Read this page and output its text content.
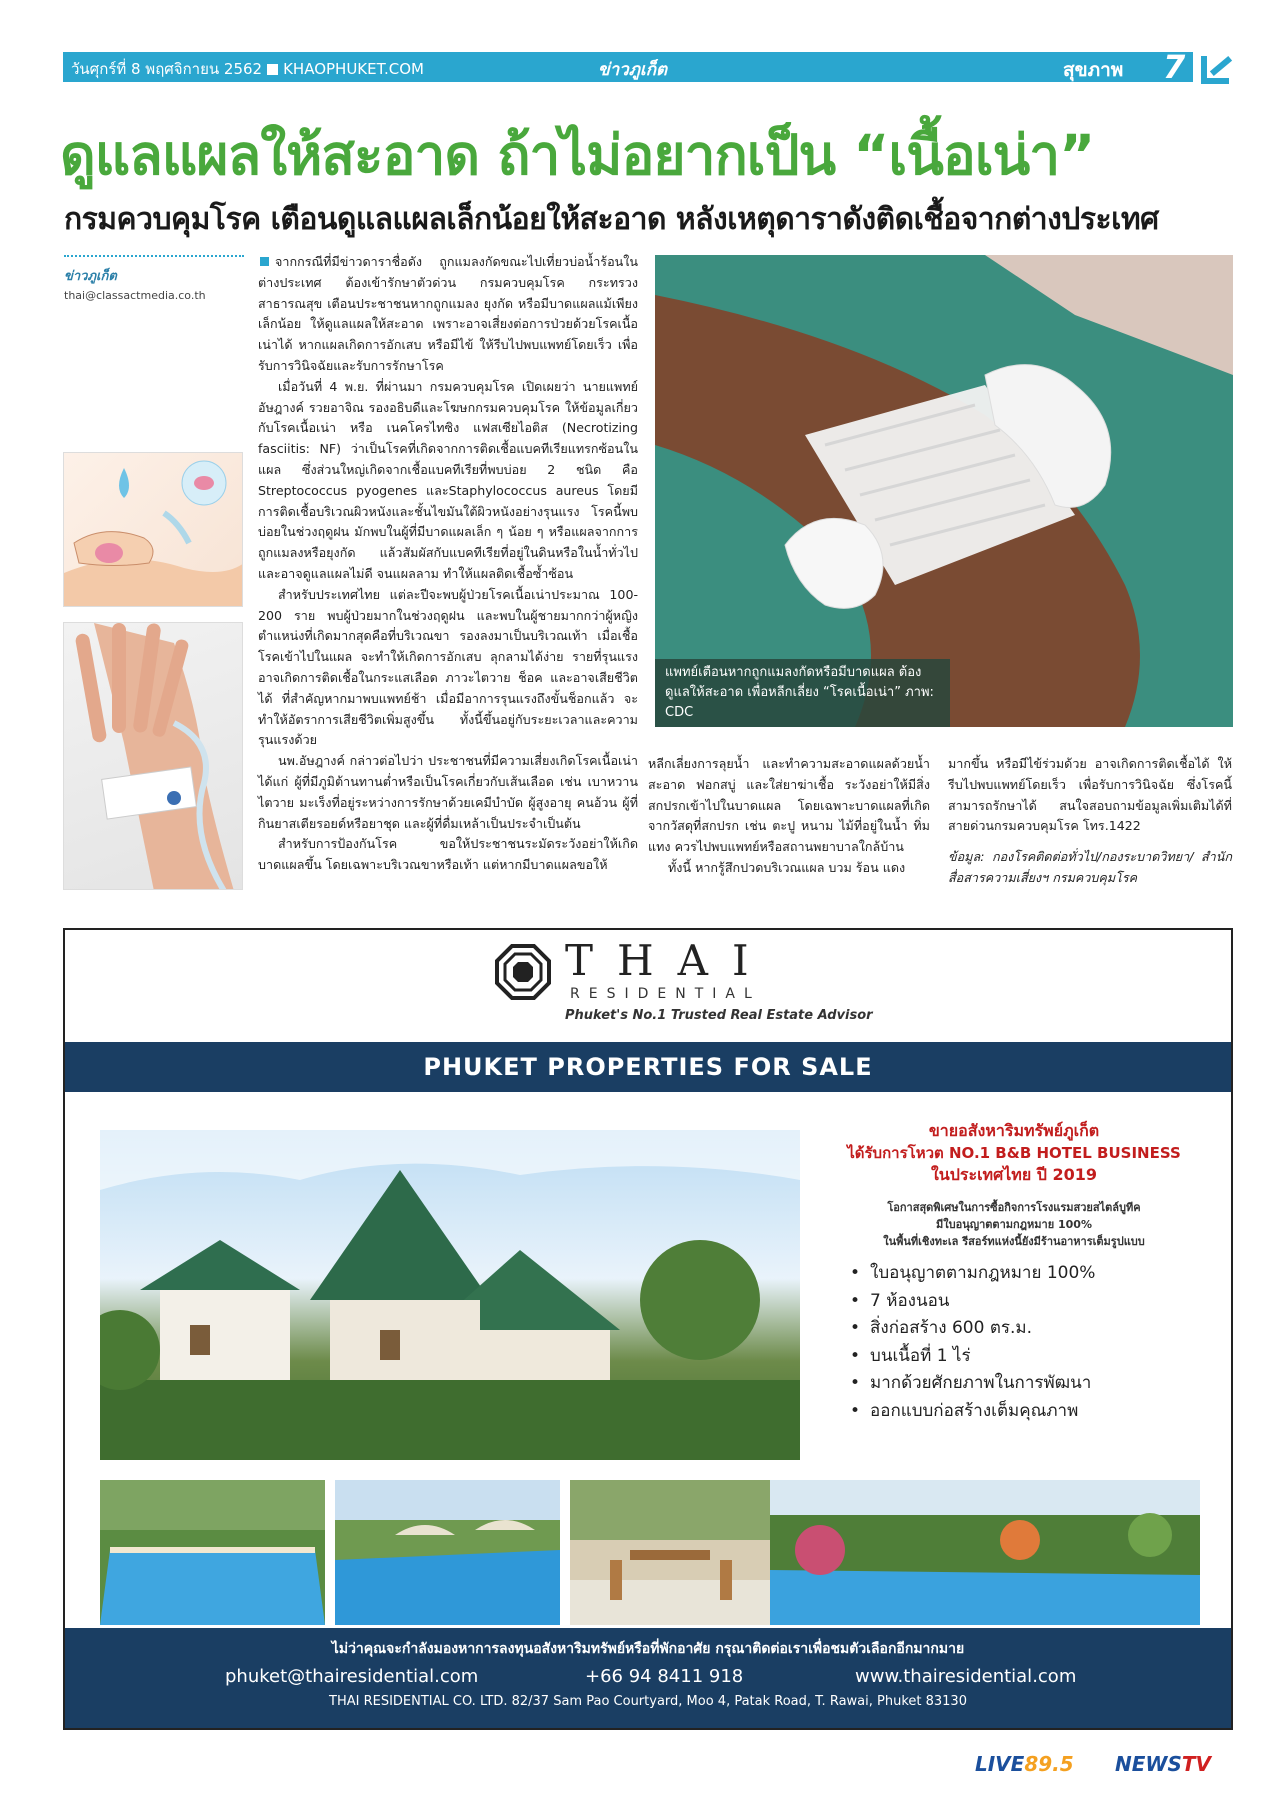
วันศุกร์ที่ 8 พฤศจิกายน 2562 KHAOPHUKET.COM	ข่าวภูเก็ต	สุขภาพ 7
ดูแลแผลให้สะอาด ถ้าไม่อยากเป็น “เนื้อเน่า”
กรมควบคุมโรค เตือนดูแลแผลเล็กน้อยให้สะอาด หลังเหตุดาราดังติดเชื้อจากต่างประเทศ
ข่าวภูเก็ต
thai@classactmedia.co.th

จากกรณีที่มีข่าวดาราชื่อดัง ถูกแมลงกัดขณะไปเที่ยวบ่อน้ำร้อนในต่างประเทศ ต้องเข้ารักษาตัวด่วน กรมควบคุมโรค กระทรวงสาธารณสุข เตือนประชาชนหากถูกแมลง ยุงกัด หรือมีบาดแผลแม้เพียงเล็กน้อย ให้ดูแลแผลให้สะอาด เพราะอาจเสี่ยงต่อการป่วยด้วยโรคเนื้อเน่าได้ หากแผลเกิดการอักเสบ หรือมีไข้ ให้รีบไปพบแพทย์โดยเร็ว เพื่อรับการวินิจฉัยและรับการรักษาโรค

เมื่อวันที่ 4 พ.ย. ที่ผ่านมา กรมควบคุมโรค เปิดเผยว่า นายแพทย์อัษฎางค์ รวยอาจิณ รองอธิบดีและโฆษกกรมควบคุมโรค ให้ข้อมูลเกี่ยวกับโรคเนื้อเน่า หรือ เนคโครไทซิง แฟสเซียไอติส (Necrotizing fasciitis: NF) ว่าเป็นโรคที่เกิดจากการติดเชื้อแบคทีเรียแทรกซ้อนในแผล ซึ่งส่วนใหญ่เกิดจากเชื้อแบคทีเรียที่พบบ่อย 2 ชนิด คือ Streptococcus pyogenes และStaphylococcus aureus โดยมีการติดเชื้อบริเวณผิวหนังและชั้นไขมันใต้ผิวหนังอย่างรุนแรง โรคนี้พบบ่อยในช่วงฤดูฝน มักพบในผู้ที่มีบาดแผลเล็ก ๆ น้อย ๆ หรือแผลจากการถูกแมลงหรือยุงกัด แล้วสัมผัสกับแบคทีเรียที่อยู่ในดินหรือในน้ำทั่วไป และอาจดูแลแผลไม่ดี จนแผลลาม ทำให้แผลติดเชื้อซ้ำซ้อน

สำหรับประเทศไทย แต่ละปีจะพบผู้ป่วยโรคเนื้อเน่าประมาณ 100-200 ราย พบผู้ป่วยมากในช่วงฤดูฝน และพบในผู้ชายมากกว่าผู้หญิง ตำแหน่งที่เกิดมากสุดคือที่บริเวณขา รองลงมาเป็นบริเวณเท้า เมื่อเชื้อโรคเข้าไปในแผล จะทำให้เกิดการอักเสบ ลุกลามได้ง่าย รายที่รุนแรงอาจเกิดการติดเชื้อในกระแสเลือด ภาวะไตวาย ช็อค และอาจเสียชีวิตได้ ที่สำคัญหากมาพบแพทย์ช้า เมื่อมีอาการรุนแรงถึงขั้นช็อกแล้ว จะทำให้อัตราการเสียชีวิตเพิ่มสูงขึ้น ทั้งนี้ขึ้นอยู่กับระยะเวลาและความรุนแรงด้วย

นพ.อัษฎางค์ กล่าวต่อไปว่า ประชาชนที่มีความเสี่ยงเกิดโรคเนื้อเน่า ได้แก่ ผู้ที่มีภูมิต้านทานต่ำหรือเป็นโรคเกี่ยวกับเส้นเลือด เช่น เบาหวาน ไตวาย มะเร็งที่อยู่ระหว่างการรักษาด้วยเคมีบำบัด ผู้สูงอายุ คนอ้วน ผู้ที่กินยาสเตียรอยด์หรือยาชุด และผู้ที่ดื่มเหล้าเป็นประจำเป็นต้น

สำหรับการป้องกันโรค ขอให้ประชาชนระมัดระวังอย่าให้เกิดบาดแผลขึ้น โดยเฉพาะบริเวณขาหรือเท้า แต่หากมีบาดแผลขอให้

แพทย์เตือนหากถูกแมลงกัดหรือมีบาดแผล ต้องดูแลให้สะอาด เพื่อหลีกเลี่ยง “โรคเนื้อเน่า” ภาพ: CDC

หลีกเลี่ยงการลุยน้ำ และทำความสะอาดแผลด้วยน้ำสะอาด ฟอกสบู่ และใส่ยาฆ่าเชื้อ ระวังอย่าให้มีสิ่งสกปรกเข้าไปในบาดแผล โดยเฉพาะบาดแผลที่เกิดจากวัสดุที่สกปรก เช่น ตะปู หนาม ไม้ที่อยู่ในน้ำ ทิ่มแทง ควรไปพบแพทย์หรือสถานพยาบาลใกล้บ้าน

ทั้งนี้ หากรู้สึกปวดบริเวณแผล บวม ร้อน แดง

มากขึ้น หรือมีไข้ร่วมด้วย อาจเกิดการติดเชื้อได้ ให้รีบไปพบแพทย์โดยเร็ว เพื่อรับการวินิจฉัย ซึ่งโรคนี้สามารถรักษาได้ สนใจสอบถามข้อมูลเพิ่มเติมได้ที่สายด่วนกรมควบคุมโรค โทร.1422

ข้อมูล: กองโรคติดต่อทั่วไป/กองระบาดวิทยา/ สำนักสื่อสารความเสี่ยงฯ กรมควบคุมโรค

THAI
RESIDENTIAL
Phuket's No.1 Trusted Real Estate Advisor
PHUKET PROPERTIES FOR SALE
ขายอสังหาริมทรัพย์ภูเก็ต
ได้รับการโหวต NO.1 B&B HOTEL BUSINESS
ในประเทศไทย ปี 2019
โอกาสสุดพิเศษในการซื้อกิจการโรงแรมสวยสไตล์บูทีค
มีใบอนุญาตตามกฎหมาย 100%
ในพื้นที่เชิงทะเล รีสอร์ทแห่งนี้ยังมีร้านอาหารเต็มรูปแบบ
• ใบอนุญาตตามกฎหมาย 100%
• 7 ห้องนอน
• สิ่งก่อสร้าง 600 ตร.ม.
• บนเนื้อที่ 1 ไร่
• มากด้วยศักยภาพในการพัฒนา
• ออกแบบก่อสร้างเต็มคุณภาพ
ไม่ว่าคุณจะกำลังมองหาการลงทุนอสังหาริมทรัพย์หรือที่พักอาศัย กรุณาติดต่อเราเพื่อชมตัวเลือกอีกมากมาย
phuket@thairesidential.com	+66 94 8411 918	www.thairesidential.com
THAI RESIDENTIAL CO. LTD. 82/37 Sam Pao Courtyard, Moo 4, Patak Road, T. Rawai, Phuket 83130
LIVE89.5 NEWSTV
